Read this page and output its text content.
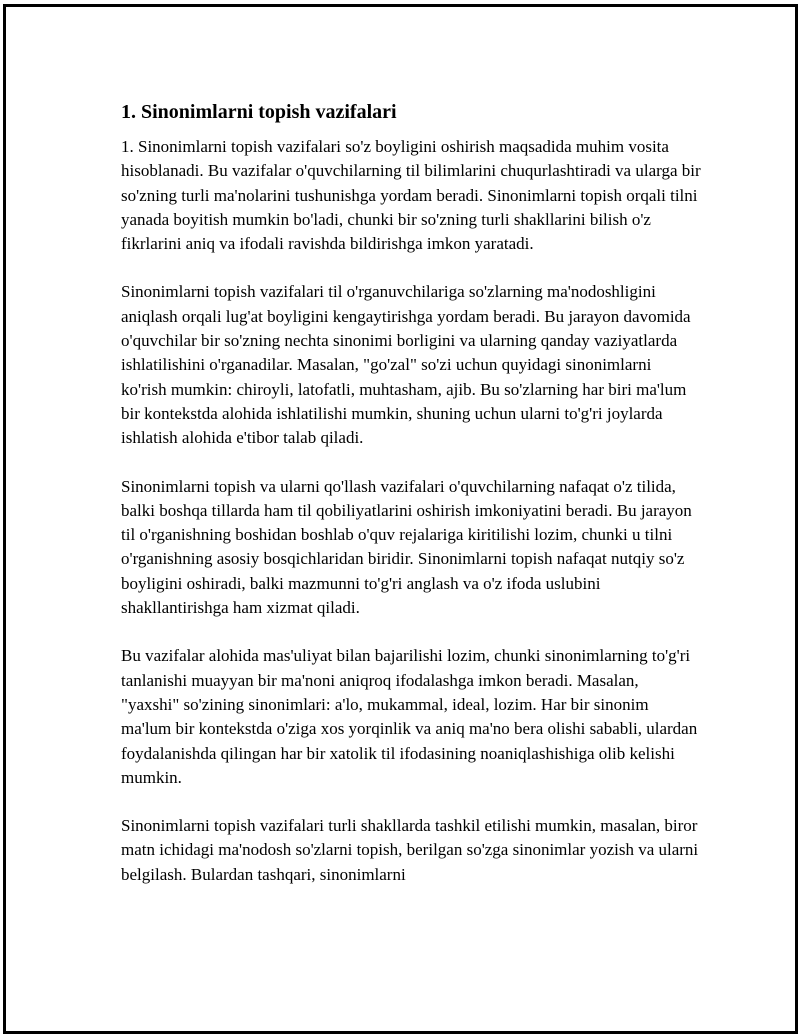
1. Sinonimlarni topish vazifalari

1. Sinonimlarni topish vazifalari so'z boyligini oshirish maqsadida muhim vosita hisoblanadi. Bu vazifalar o'quvchilarning til bilimlarini chuqurlashtiradi va ularga bir so'zning turli ma'nolarini tushunishga yordam beradi. Sinonimlarni topish orqali tilni yanada boyitish mumkin bo'ladi, chunki bir so'zning turli shakllarini bilish o'z fikrlarini aniq va ifodali ravishda bildirishga imkon yaratadi.

Sinonimlarni topish vazifalari til o'rganuvchilariga so'zlarning ma'nodoshligini aniqlash orqali lug'at boyligini kengaytirishga yordam beradi. Bu jarayon davomida o'quvchilar bir so'zning nechta sinonimi borligini va ularning qanday vaziyatlarda ishlatilishini o'rganadilar. Masalan, "go'zal" so'zi uchun quyidagi sinonimlarni ko'rish mumkin: chiroyli, latofatli, muhtasham, ajib. Bu so'zlarning har biri ma'lum bir kontekstda alohida ishlatilishi mumkin, shuning uchun ularni to'g'ri joylarda ishlatish alohida e'tibor talab qiladi.

Sinonimlarni topish va ularni qo'llash vazifalari o'quvchilarning nafaqat o'z tilida, balki boshqa tillarda ham til qobiliyatlarini oshirish imkoniyatini beradi. Bu jarayon til o'rganishning boshidan boshlab o'quv rejalariga kiritilishi lozim, chunki u tilni o'rganishning asosiy bosqichlaridan biridir. Sinonimlarni topish nafaqat nutqiy so'z boyligini oshiradi, balki mazmunni to'g'ri anglash va o'z ifoda uslubini shakllantirishga ham xizmat qiladi.

Bu vazifalar alohida mas'uliyat bilan bajarilishi lozim, chunki sinonimlarning to'g'ri tanlanishi muayyan bir ma'noni aniqroq ifodalashga imkon beradi. Masalan, "yaxshi" so'zining sinonimlari: a'lo, mukammal, ideal, lozim. Har bir sinonim ma'lum bir kontekstda o'ziga xos yorqinlik va aniq ma'no bera olishi sababli, ulardan foydalanishda qilingan har bir xatolik til ifodasining noaniqlashishiga olib kelishi mumkin.

Sinonimlarni topish vazifalari turli shakllarda tashkil etilishi mumkin, masalan, biror matn ichidagi ma'nodosh so'zlarni topish, berilgan so'zga sinonimlar yozish va ularni belgilash. Bulardan tashqari, sinonimlarni
